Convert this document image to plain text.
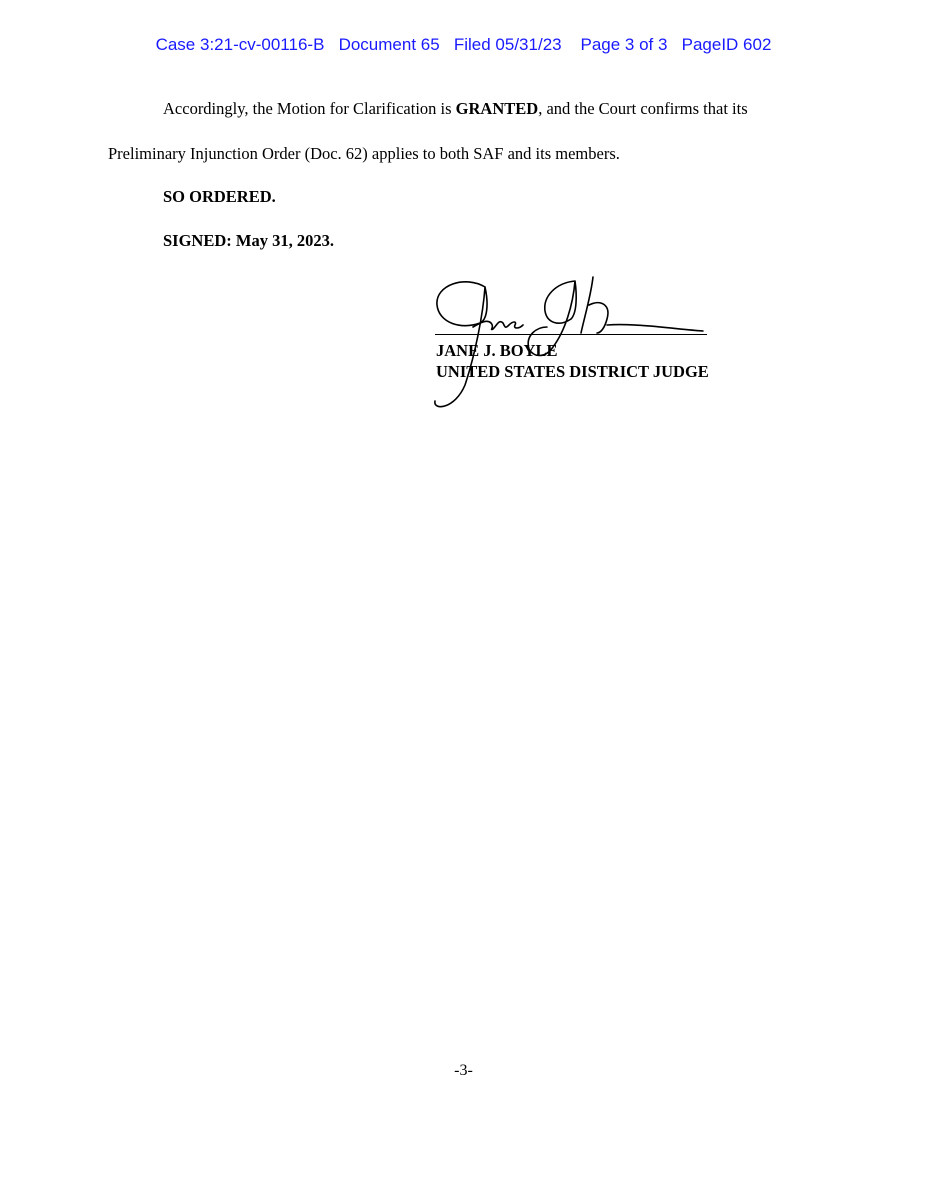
Case 3:21-cv-00116-B   Document 65   Filed 05/31/23    Page 3 of 3   PageID 602
Accordingly, the Motion for Clarification is GRANTED, and the Court confirms that its
Preliminary Injunction Order (Doc. 62) applies to both SAF and its members.
SO ORDERED.
SIGNED: May 31, 2023.
JANE J. BOYLE
UNITED STATES DISTRICT JUDGE
-3-
